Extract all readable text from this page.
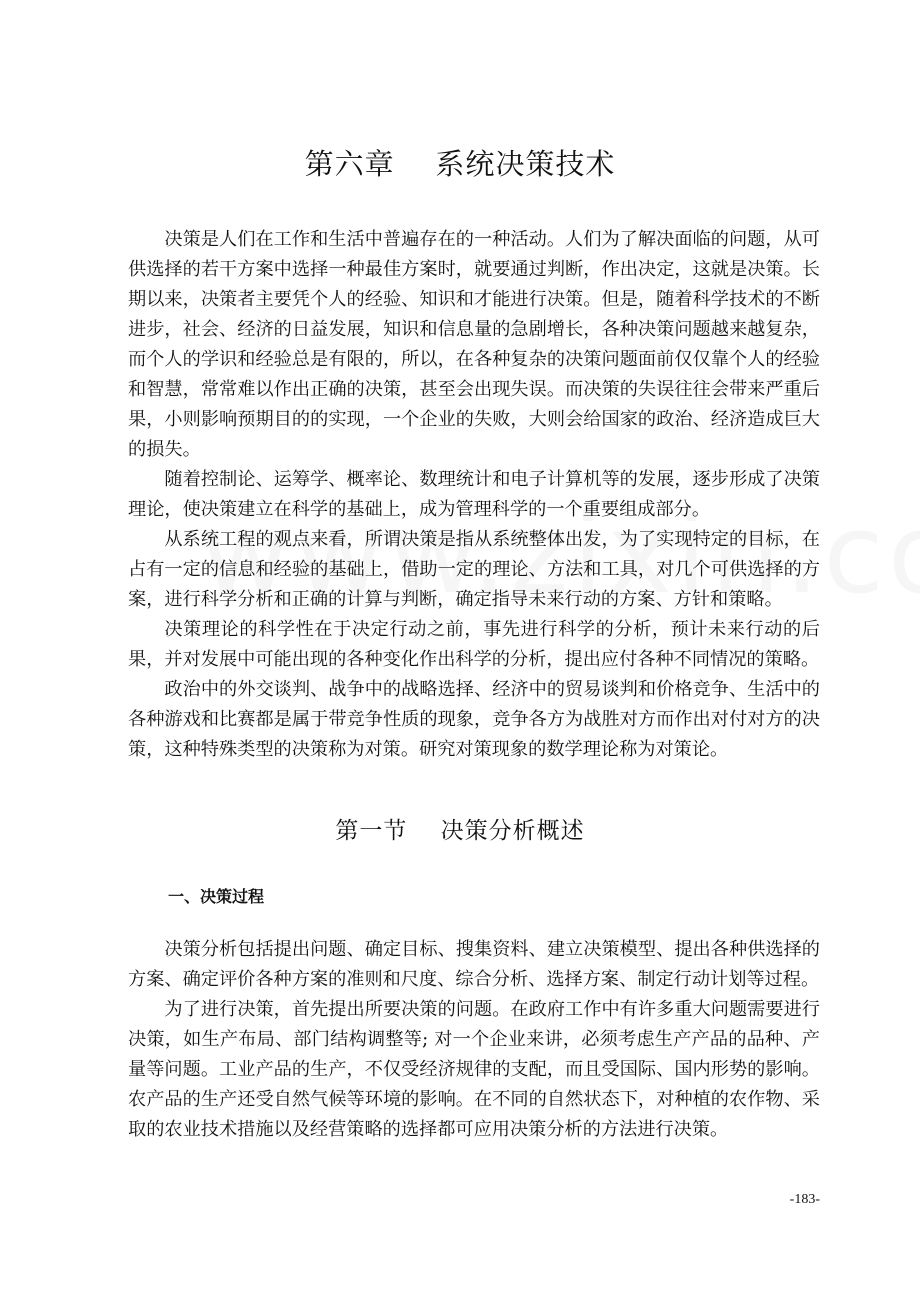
第六章    系统决策技术

决策是人们在工作和生活中普遍存在的一种活动。人们为了解决面临的问题，从可供选择的若干方案中选择一种最佳方案时，就要通过判断，作出决定，这就是决策。长期以来，决策者主要凭个人的经验、知识和才能进行决策。但是，随着科学技术的不断进步，社会、经济的日益发展，知识和信息量的急剧增长，各种决策问题越来越复杂，而个人的学识和经验总是有限的，所以，在各种复杂的决策问题面前仅仅靠个人的经验和智慧，常常难以作出正确的决策，甚至会出现失误。而决策的失误往往会带来严重后果，小则影响预期目的的实现，一个企业的失败，大则会给国家的政治、经济造成巨大的损失。

随着控制论、运筹学、概率论、数理统计和电子计算机等的发展，逐步形成了决策理论，使决策建立在科学的基础上，成为管理科学的一个重要组成部分。

从系统工程的观点来看，所谓决策是指从系统整体出发，为了实现特定的目标，在占有一定的信息和经验的基础上，借助一定的理论、方法和工具，对几个可供选择的方案，进行科学分析和正确的计算与判断，确定指导未来行动的方案、方针和策略。

决策理论的科学性在于决定行动之前，事先进行科学的分析，预计未来行动的后果，并对发展中可能出现的各种变化作出科学的分析，提出应付各种不同情况的策略。

政治中的外交谈判、战争中的战略选择、经济中的贸易谈判和价格竞争、生活中的各种游戏和比赛都是属于带竞争性质的现象，竞争各方为战胜对方而作出对付对方的决策，这种特殊类型的决策称为对策。研究对策现象的数学理论称为对策论。

第一节    决策分析概述
一、决策过程

决策分析包括提出问题、确定目标、搜集资料、建立决策模型、提出各种供选择的方案、确定评价各种方案的准则和尺度、综合分析、选择方案、制定行动计划等过程。

为了进行决策，首先提出所要决策的问题。在政府工作中有许多重大问题需要进行决策，如生产布局、部门结构调整等; 对一个企业来讲，必须考虑生产产品的品种、产量等问题。工业产品的生产，不仅受经济规律的支配，而且受国际、国内形势的影响。农产品的生产还受自然气候等环境的影响。在不同的自然状态下，对种植的农作物、采取的农业技术措施以及经营策略的选择都可应用决策分析的方法进行决策。

-183-
